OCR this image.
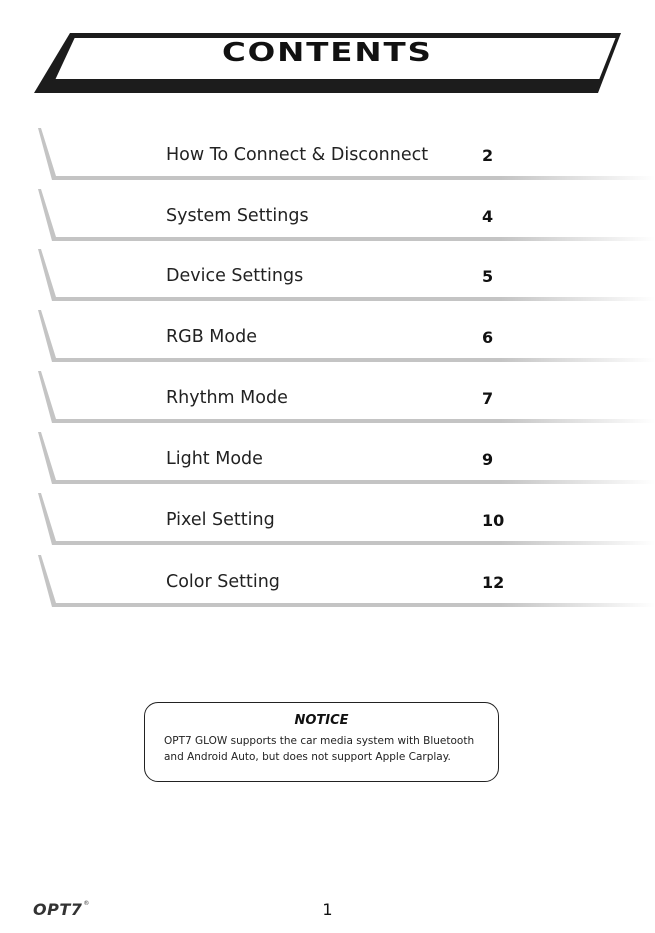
CONTENTS
How To Connect & Disconnect	2
System Settings	4
Device Settings	5
RGB Mode	6
Rhythm Mode	7
Light Mode	9
Pixel Setting	10
Color Setting	12
NOTICE
OPT7 GLOW supports the car media system with Bluetooth and Android Auto, but does not support Apple Carplay.
OPT7®	1
